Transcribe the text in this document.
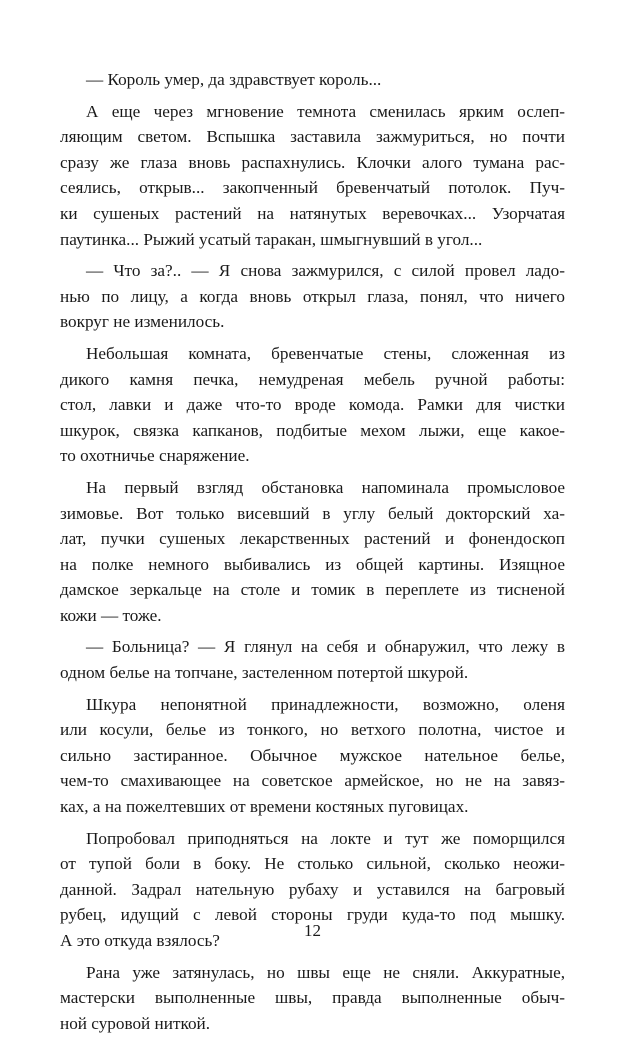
— Король умер, да здравствует король...
А еще через мгновение темнота сменилась ярким ослеп-
ляющим светом. Вспышка заставила зажмуриться, но почти
сразу же глаза вновь распахнулись. Клочки алого тумана рас-
сеялись, открыв... закопченный бревенчатый потолок. Пуч-
ки сушеных растений на натянутых веревочках... Узорчатая
паутинка... Рыжий усатый таракан, шмыгнувший в угол...
— Что за?.. — Я снова зажмурился, с силой провел ладо-
нью по лицу, а когда вновь открыл глаза, понял, что ничего
вокруг не изменилось.
Небольшая комната, бревенчатые стены, сложенная из
дикого камня печка, немудреная мебель ручной работы:
стол, лавки и даже что-то вроде комода. Рамки для чистки
шкурок, связка капканов, подбитые мехом лыжи, еще какое-
то охотничье снаряжение.
На первый взгляд обстановка напоминала промысловое
зимовье. Вот только висевший в углу белый докторский ха-
лат, пучки сушеных лекарственных растений и фонендоскоп
на полке немного выбивались из общей картины. Изящное
дамское зеркальце на столе и томик в переплете из тисненой
кожи — тоже.
— Больница? — Я глянул на себя и обнаружил, что лежу в
одном белье на топчане, застеленном потертой шкурой.
Шкура непонятной принадлежности, возможно, оленя
или косули, белье из тонкого, но ветхого полотна, чистое и
сильно застиранное. Обычное мужское нательное белье,
чем-то смахивающее на советское армейское, но не на завяз-
ках, а на пожелтевших от времени костяных пуговицах.
Попробовал приподняться на локте и тут же поморщился
от тупой боли в боку. Не столько сильной, сколько неожи-
данной. Задрал нательную рубаху и уставился на багровый
рубец, идущий с левой стороны груди куда-то под мышку.
А это откуда взялось?
Рана уже затянулась, но швы еще не сняли. Аккуратные,
мастерски выполненные швы, правда выполненные обыч-
ной суровой ниткой.
12
